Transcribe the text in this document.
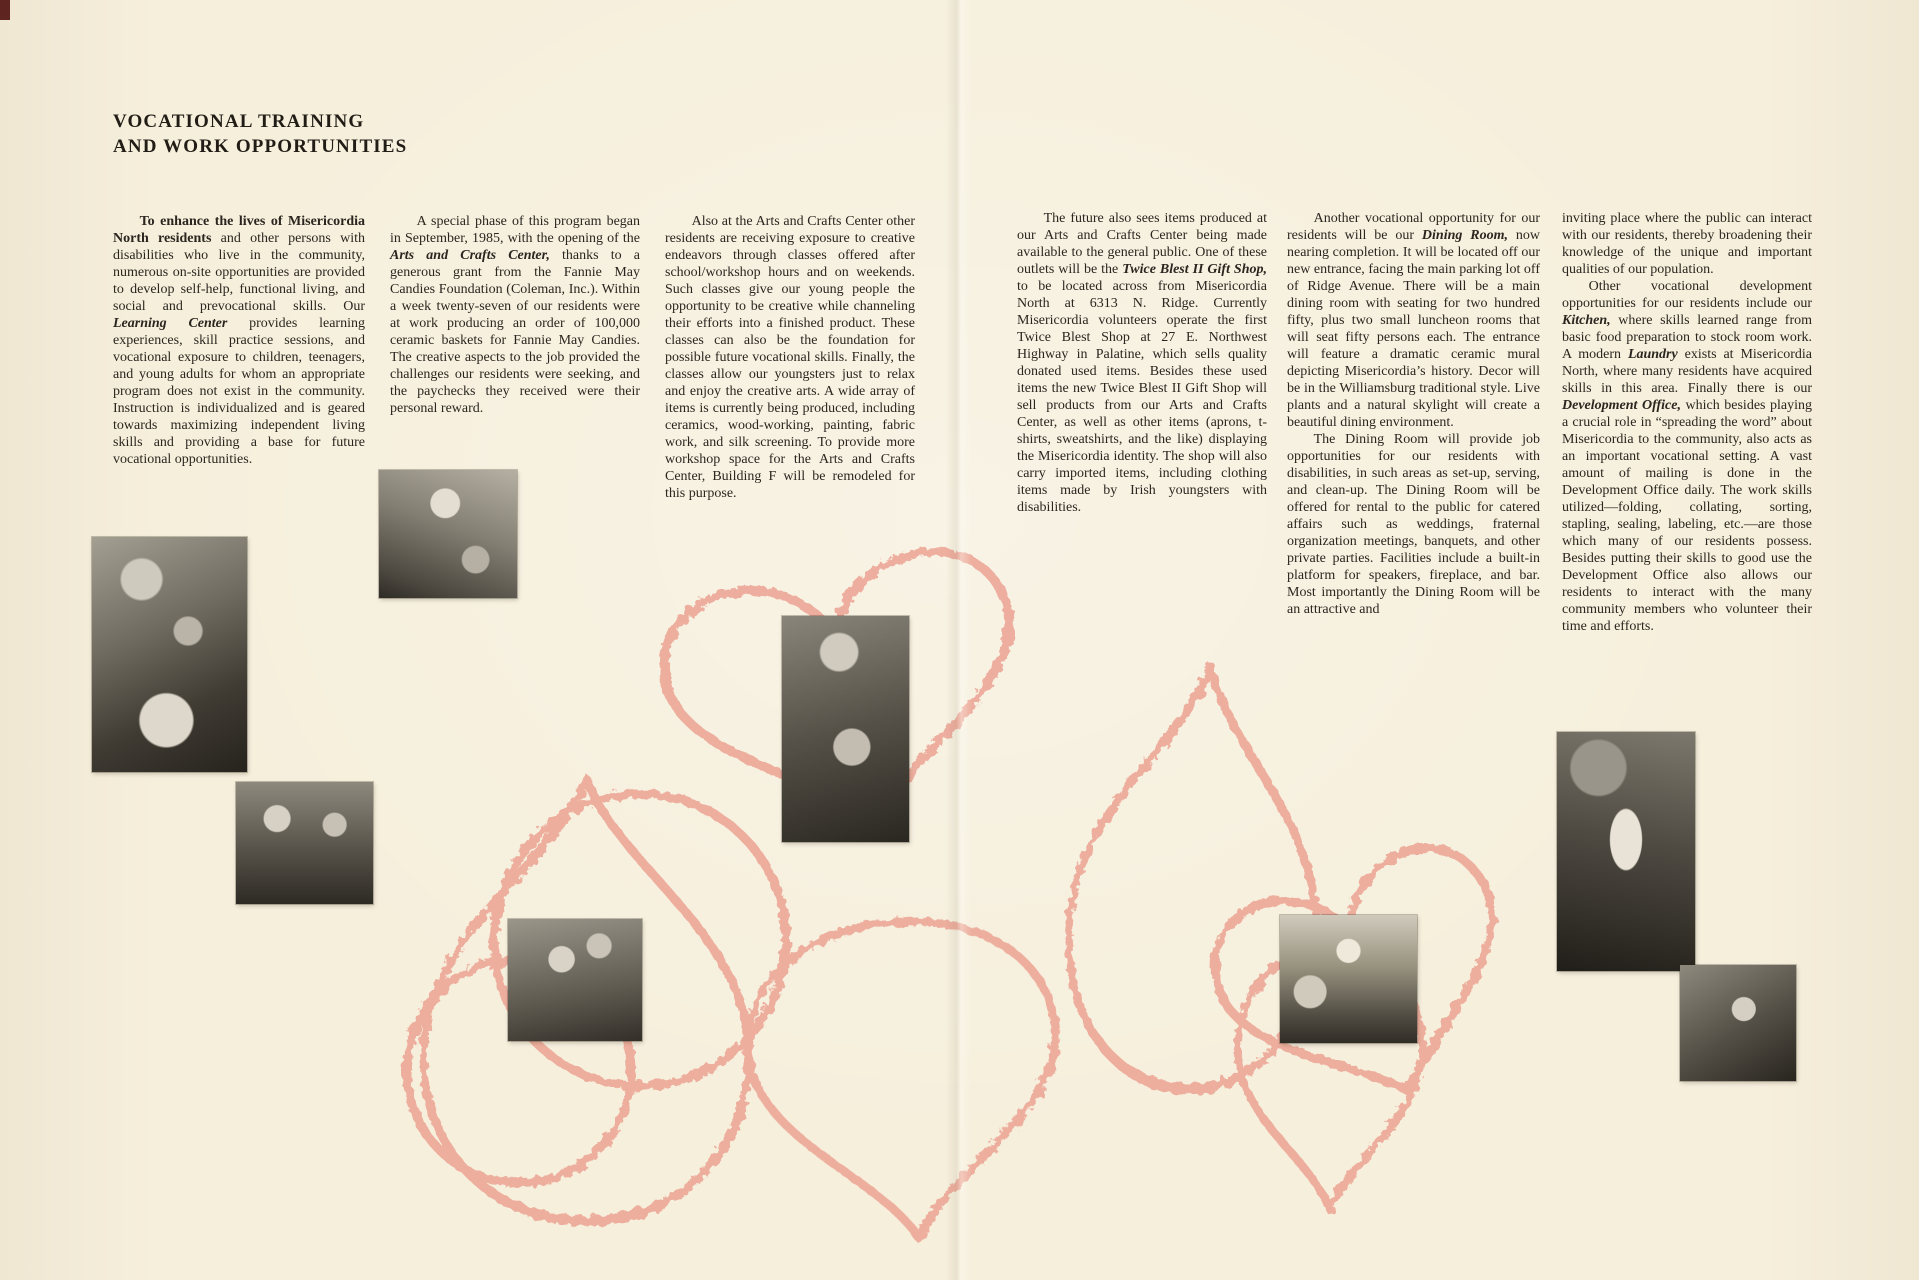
VOCATIONAL TRAINING
AND WORK OPPORTUNITIES

To enhance the lives of Misericordia North residents and other persons with disabilities who live in the community, numerous on-site opportunities are provided to develop self-help, functional living, and social and prevocational skills. Our Learning Center provides learning experiences, skill practice sessions, and vocational exposure to children, teenagers, and young adults for whom an appropriate program does not exist in the community. Instruction is individualized and is geared towards maximizing independent living skills and providing a base for future vocational opportunities.

A special phase of this program began in September, 1985, with the opening of the Arts and Crafts Center, thanks to a generous grant from the Fannie May Candies Foundation (Coleman, Inc.). Within a week twenty-seven of our residents were at work producing an order of 100,000 ceramic baskets for Fannie May Candies. The creative aspects to the job provided the challenges our residents were seeking, and the paychecks they received were their personal reward.

Also at the Arts and Crafts Center other residents are receiving exposure to creative endeavors through classes offered after school/workshop hours and on weekends. Such classes give our young people the opportunity to be creative while channeling their efforts into a finished product. These classes can also be the foundation for possible future vocational skills. Finally, the classes allow our youngsters just to relax and enjoy the creative arts. A wide array of items is currently being produced, including ceramics, wood-working, painting, fabric work, and silk screening. To provide more workshop space for the Arts and Crafts Center, Building F will be remodeled for this purpose.

The future also sees items produced at our Arts and Crafts Center being made available to the general public. One of these outlets will be the Twice Blest II Gift Shop, to be located across from Misericordia North at 6313 N. Ridge. Currently Misericordia volunteers operate the first Twice Blest Shop at 27 E. Northwest Highway in Palatine, which sells quality donated used items. Besides these used items the new Twice Blest II Gift Shop will sell products from our Arts and Crafts Center, as well as other items (aprons, t-shirts, sweatshirts, and the like) displaying the Misericordia identity. The shop will also carry imported items, including clothing items made by Irish youngsters with disabilities.

Another vocational opportunity for our residents will be our Dining Room, now nearing completion. It will be located off our new entrance, facing the main parking lot off of Ridge Avenue. There will be a main dining room with seating for two hundred fifty, plus two small luncheon rooms that will seat fifty persons each. The entrance will feature a dramatic ceramic mural depicting Misericordia’s history. Decor will be in the Williamsburg traditional style. Live plants and a natural skylight will create a beautiful dining environment.

The Dining Room will provide job opportunities for our residents with disabilities, in such areas as set-up, serving, and clean-up. The Dining Room will be offered for rental to the public for catered affairs such as weddings, fraternal organization meetings, banquets, and other private parties. Facilities include a built-in platform for speakers, fireplace, and bar. Most importantly the Dining Room will be an attractive and

inviting place where the public can interact with our residents, thereby broadening their knowledge of the unique and important qualities of our population.

Other vocational development opportunities for our residents include our Kitchen, where skills learned range from basic food preparation to stock room work. A modern Laundry exists at Misericordia North, where many residents have acquired skills in this area. Finally there is our Development Office, which besides playing a crucial role in “spreading the word” about Misericordia to the community, also acts as an important vocational setting. A vast amount of mailing is done in the Development Office daily. The work skills utilized—folding, collating, sorting, stapling, sealing, labeling, etc.—are those which many of our residents possess. Besides putting their skills to good use the Development Office also allows our residents to interact with the many community members who volunteer their time and efforts.
